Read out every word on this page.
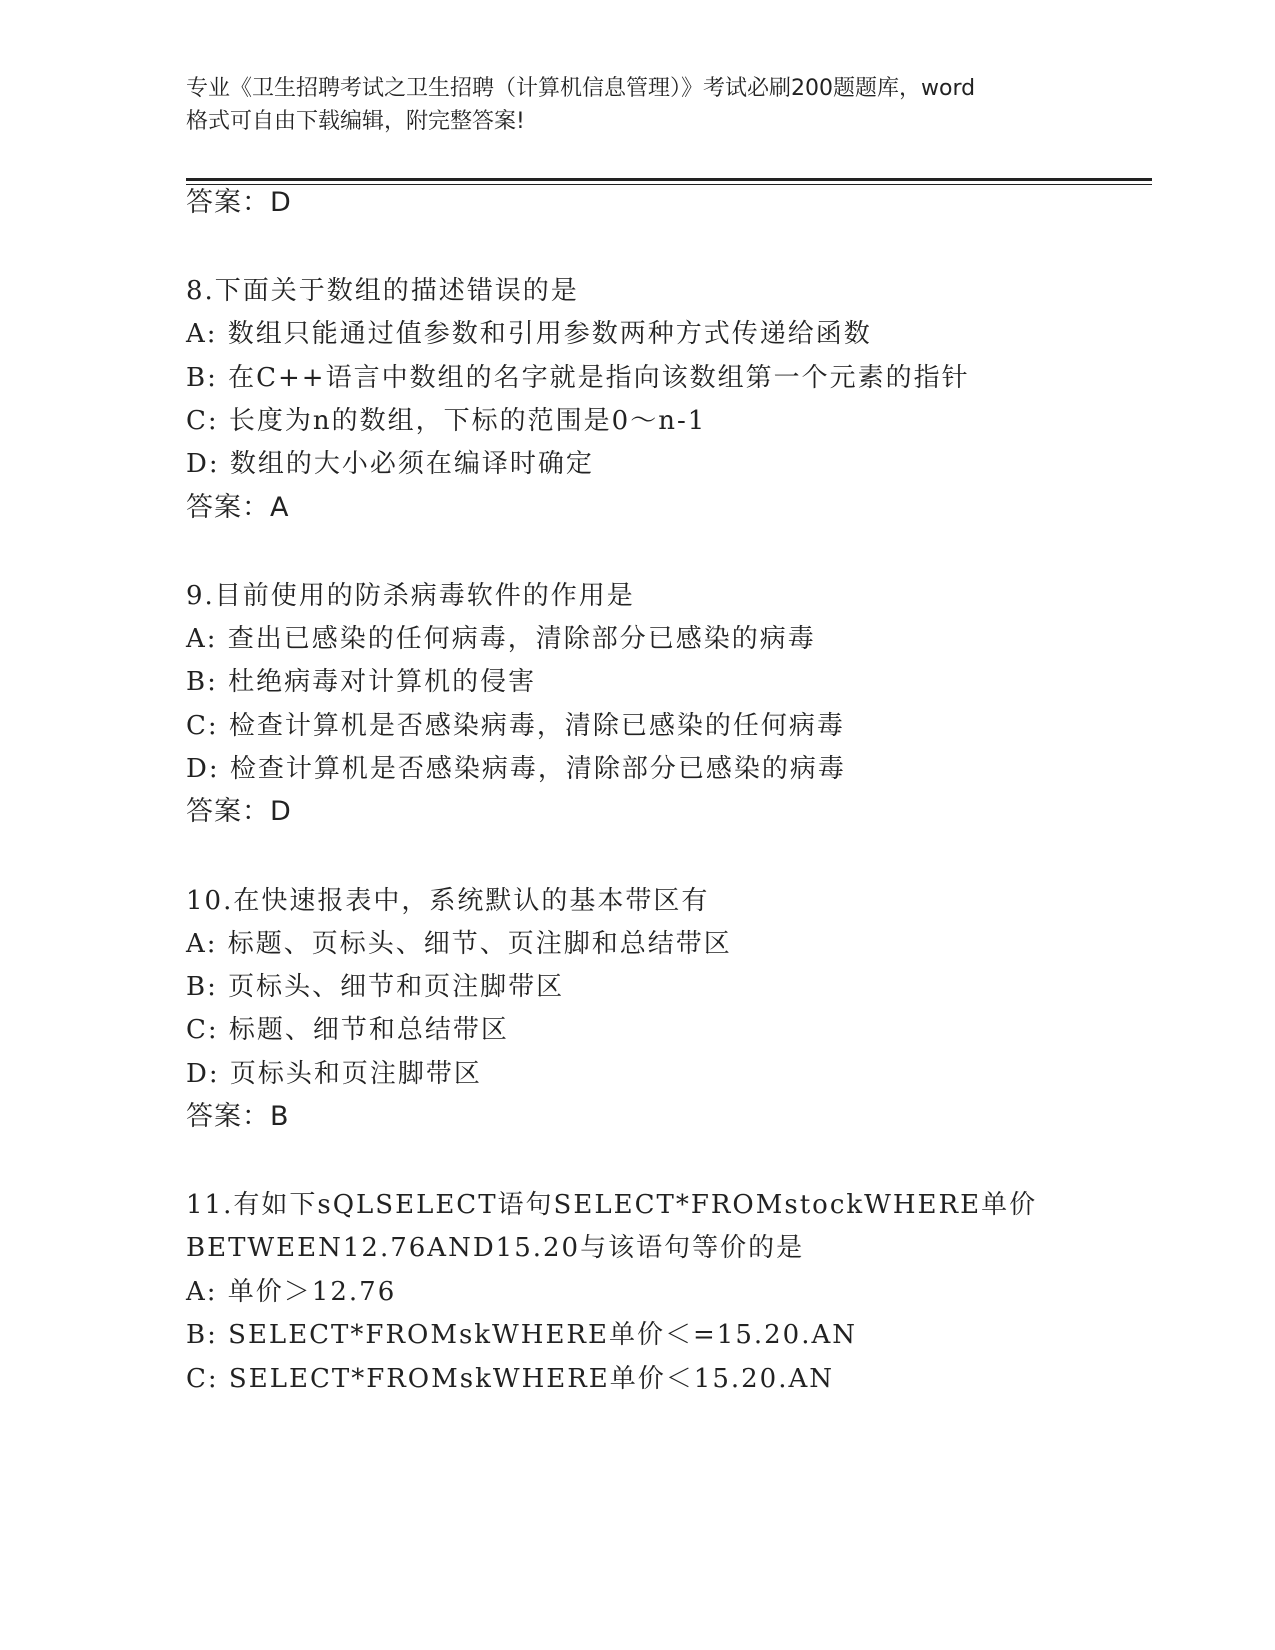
专业《卫生招聘考试之卫生招聘（计算机信息管理）》考试必刷200题题库，word
格式可自由下载编辑，附完整答案!
答案：D
8.下面关于数组的描述错误的是
A: 数组只能通过值参数和引用参数两种方式传递给函数
B: 在C++语言中数组的名字就是指向该数组第一个元素的指针
C: 长度为n的数组，下标的范围是0～n-1
D: 数组的大小必须在编译时确定
答案：A
9.目前使用的防杀病毒软件的作用是
A: 查出已感染的任何病毒，清除部分已感染的病毒
B: 杜绝病毒对计算机的侵害
C: 检查计算机是否感染病毒，清除已感染的任何病毒
D: 检查计算机是否感染病毒，清除部分已感染的病毒
答案：D
10.在快速报表中，系统默认的基本带区有
A: 标题、页标头、细节、页注脚和总结带区
B: 页标头、细节和页注脚带区
C: 标题、细节和总结带区
D: 页标头和页注脚带区
答案：B
11.有如下sQLSELECT语句SELECT*FROMstockWHERE单价
BETWEEN12.76AND15.20与该语句等价的是
A: 单价＞12.76
B: SELECT*FROMskWHERE单价＜=15.20.AN
C: SELECT*FROMskWHERE单价＜15.20.AN
